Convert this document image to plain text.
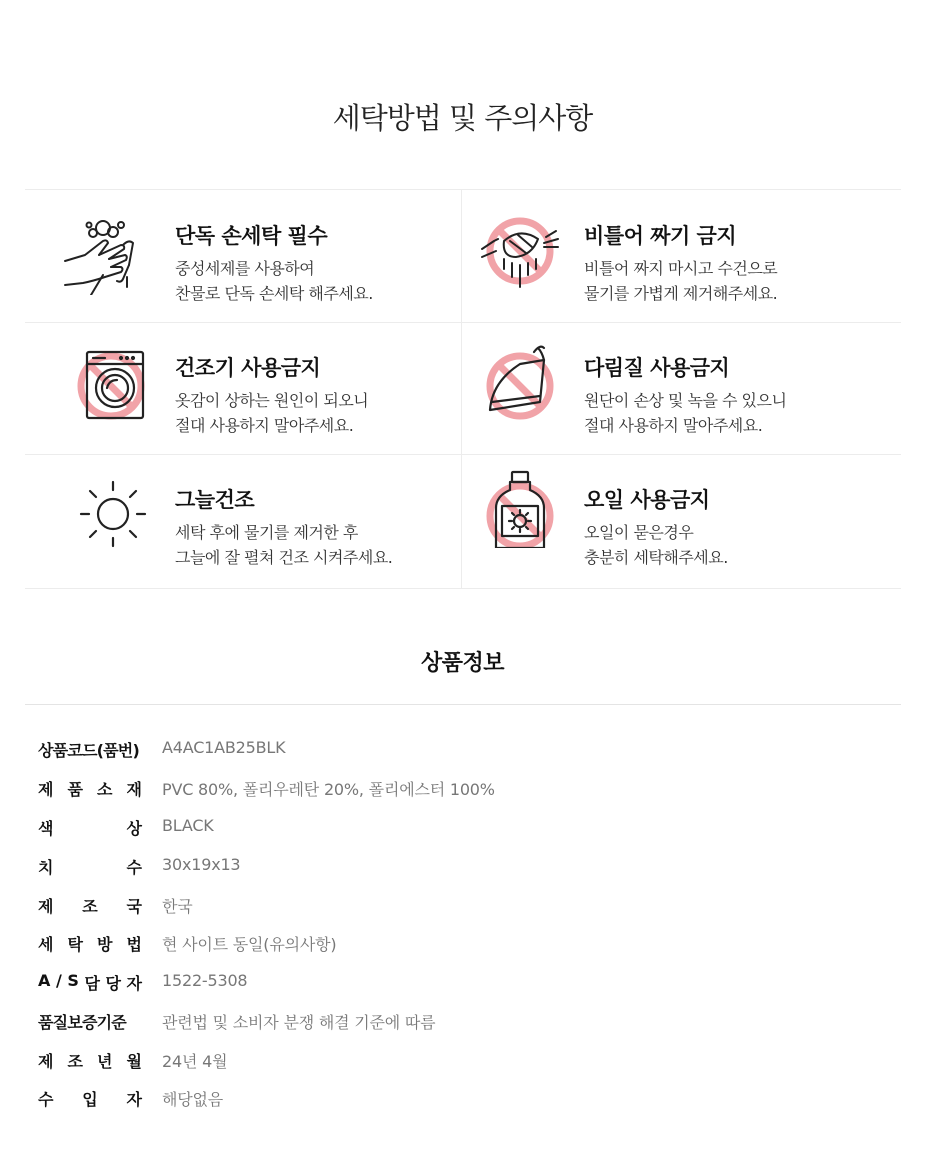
세탁방법 및 주의사항
단독 손세탁 필수
중성세제를 사용하여
찬물로 단독 손세탁 해주세요.
비틀어 짜기 금지
비틀어 짜지 마시고 수건으로
물기를 가볍게 제거해주세요.
건조기 사용금지
옷감이 상하는 원인이 되오니
절대 사용하지 말아주세요.
다림질 사용금지
원단이 손상 및 녹을 수 있으니
절대 사용하지 말아주세요.
그늘건조
세탁 후에 물기를 제거한 후
그늘에 잘 펼쳐 건조 시켜주세요.
오일 사용금지
오일이 묻은경우
충분히 세탁해주세요.
상품정보
상품코드(품번) A4AC1AB25BLK
제 품 소 재 PVC 80%, 폴리우레탄 20%, 폴리에스터 100%
색	상 BLACK
치	수 30x19x13
제 조 국 한국
세 탁 방 법 현 사이트 동일(유의사항)
A / S 담 당 자 1522-5308
품질보증기준	관련법 및 소비자 분쟁 해결 기준에 따름
제 조 년 월 24년 4월
수 입 자 해당없음
